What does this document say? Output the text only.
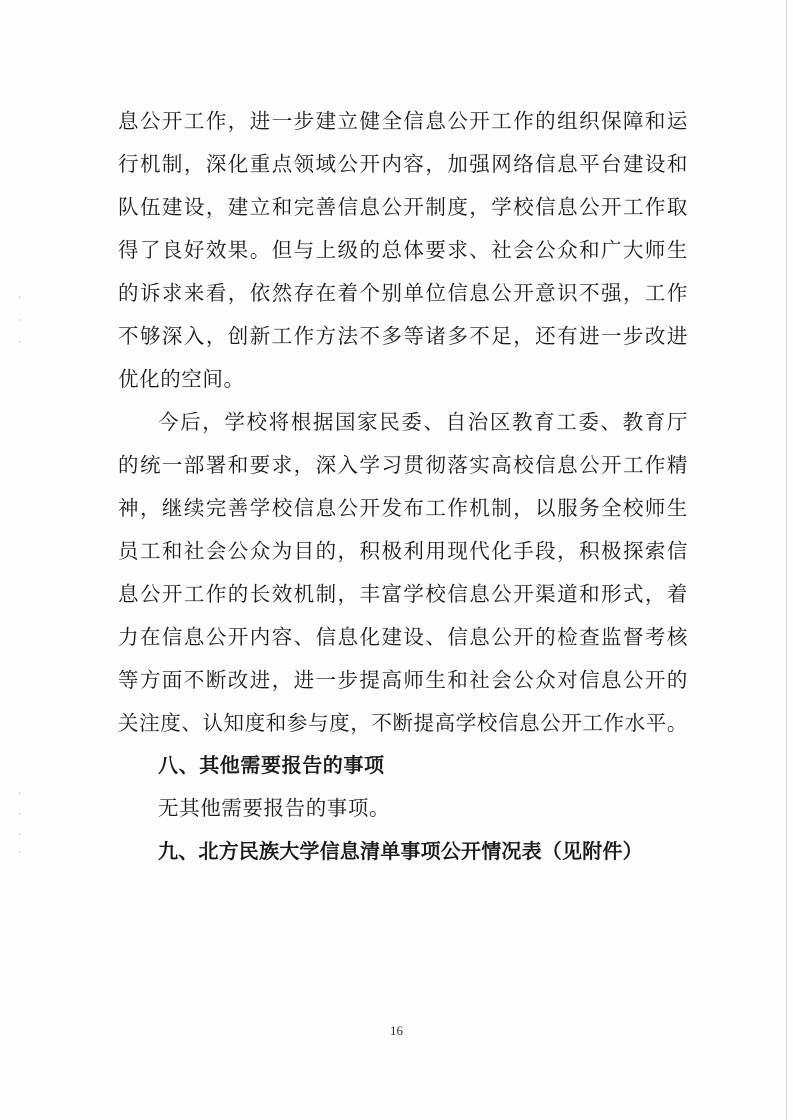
·
·
·
·
·
·
·
息公开工作，进一步建立健全信息公开工作的组织保障和运
行机制，深化重点领域公开内容，加强网络信息平台建设和
队伍建设，建立和完善信息公开制度，学校信息公开工作取
得了良好效果。但与上级的总体要求、社会公众和广大师生
的诉求来看，依然存在着个别单位信息公开意识不强，工作
不够深入，创新工作方法不多等诸多不足，还有进一步改进
优化的空间。
今后，学校将根据国家民委、自治区教育工委、教育厅
的统一部署和要求，深入学习贯彻落实高校信息公开工作精
神，继续完善学校信息公开发布工作机制，以服务全校师生
员工和社会公众为目的，积极利用现代化手段，积极探索信
息公开工作的长效机制，丰富学校信息公开渠道和形式，着
力在信息公开内容、信息化建设、信息公开的检查监督考核
等方面不断改进，进一步提高师生和社会公众对信息公开的
关注度、认知度和参与度，不断提高学校信息公开工作水平。
八、其他需要报告的事项
无其他需要报告的事项。
九、北方民族大学信息清单事项公开情况表（见附件）
16
